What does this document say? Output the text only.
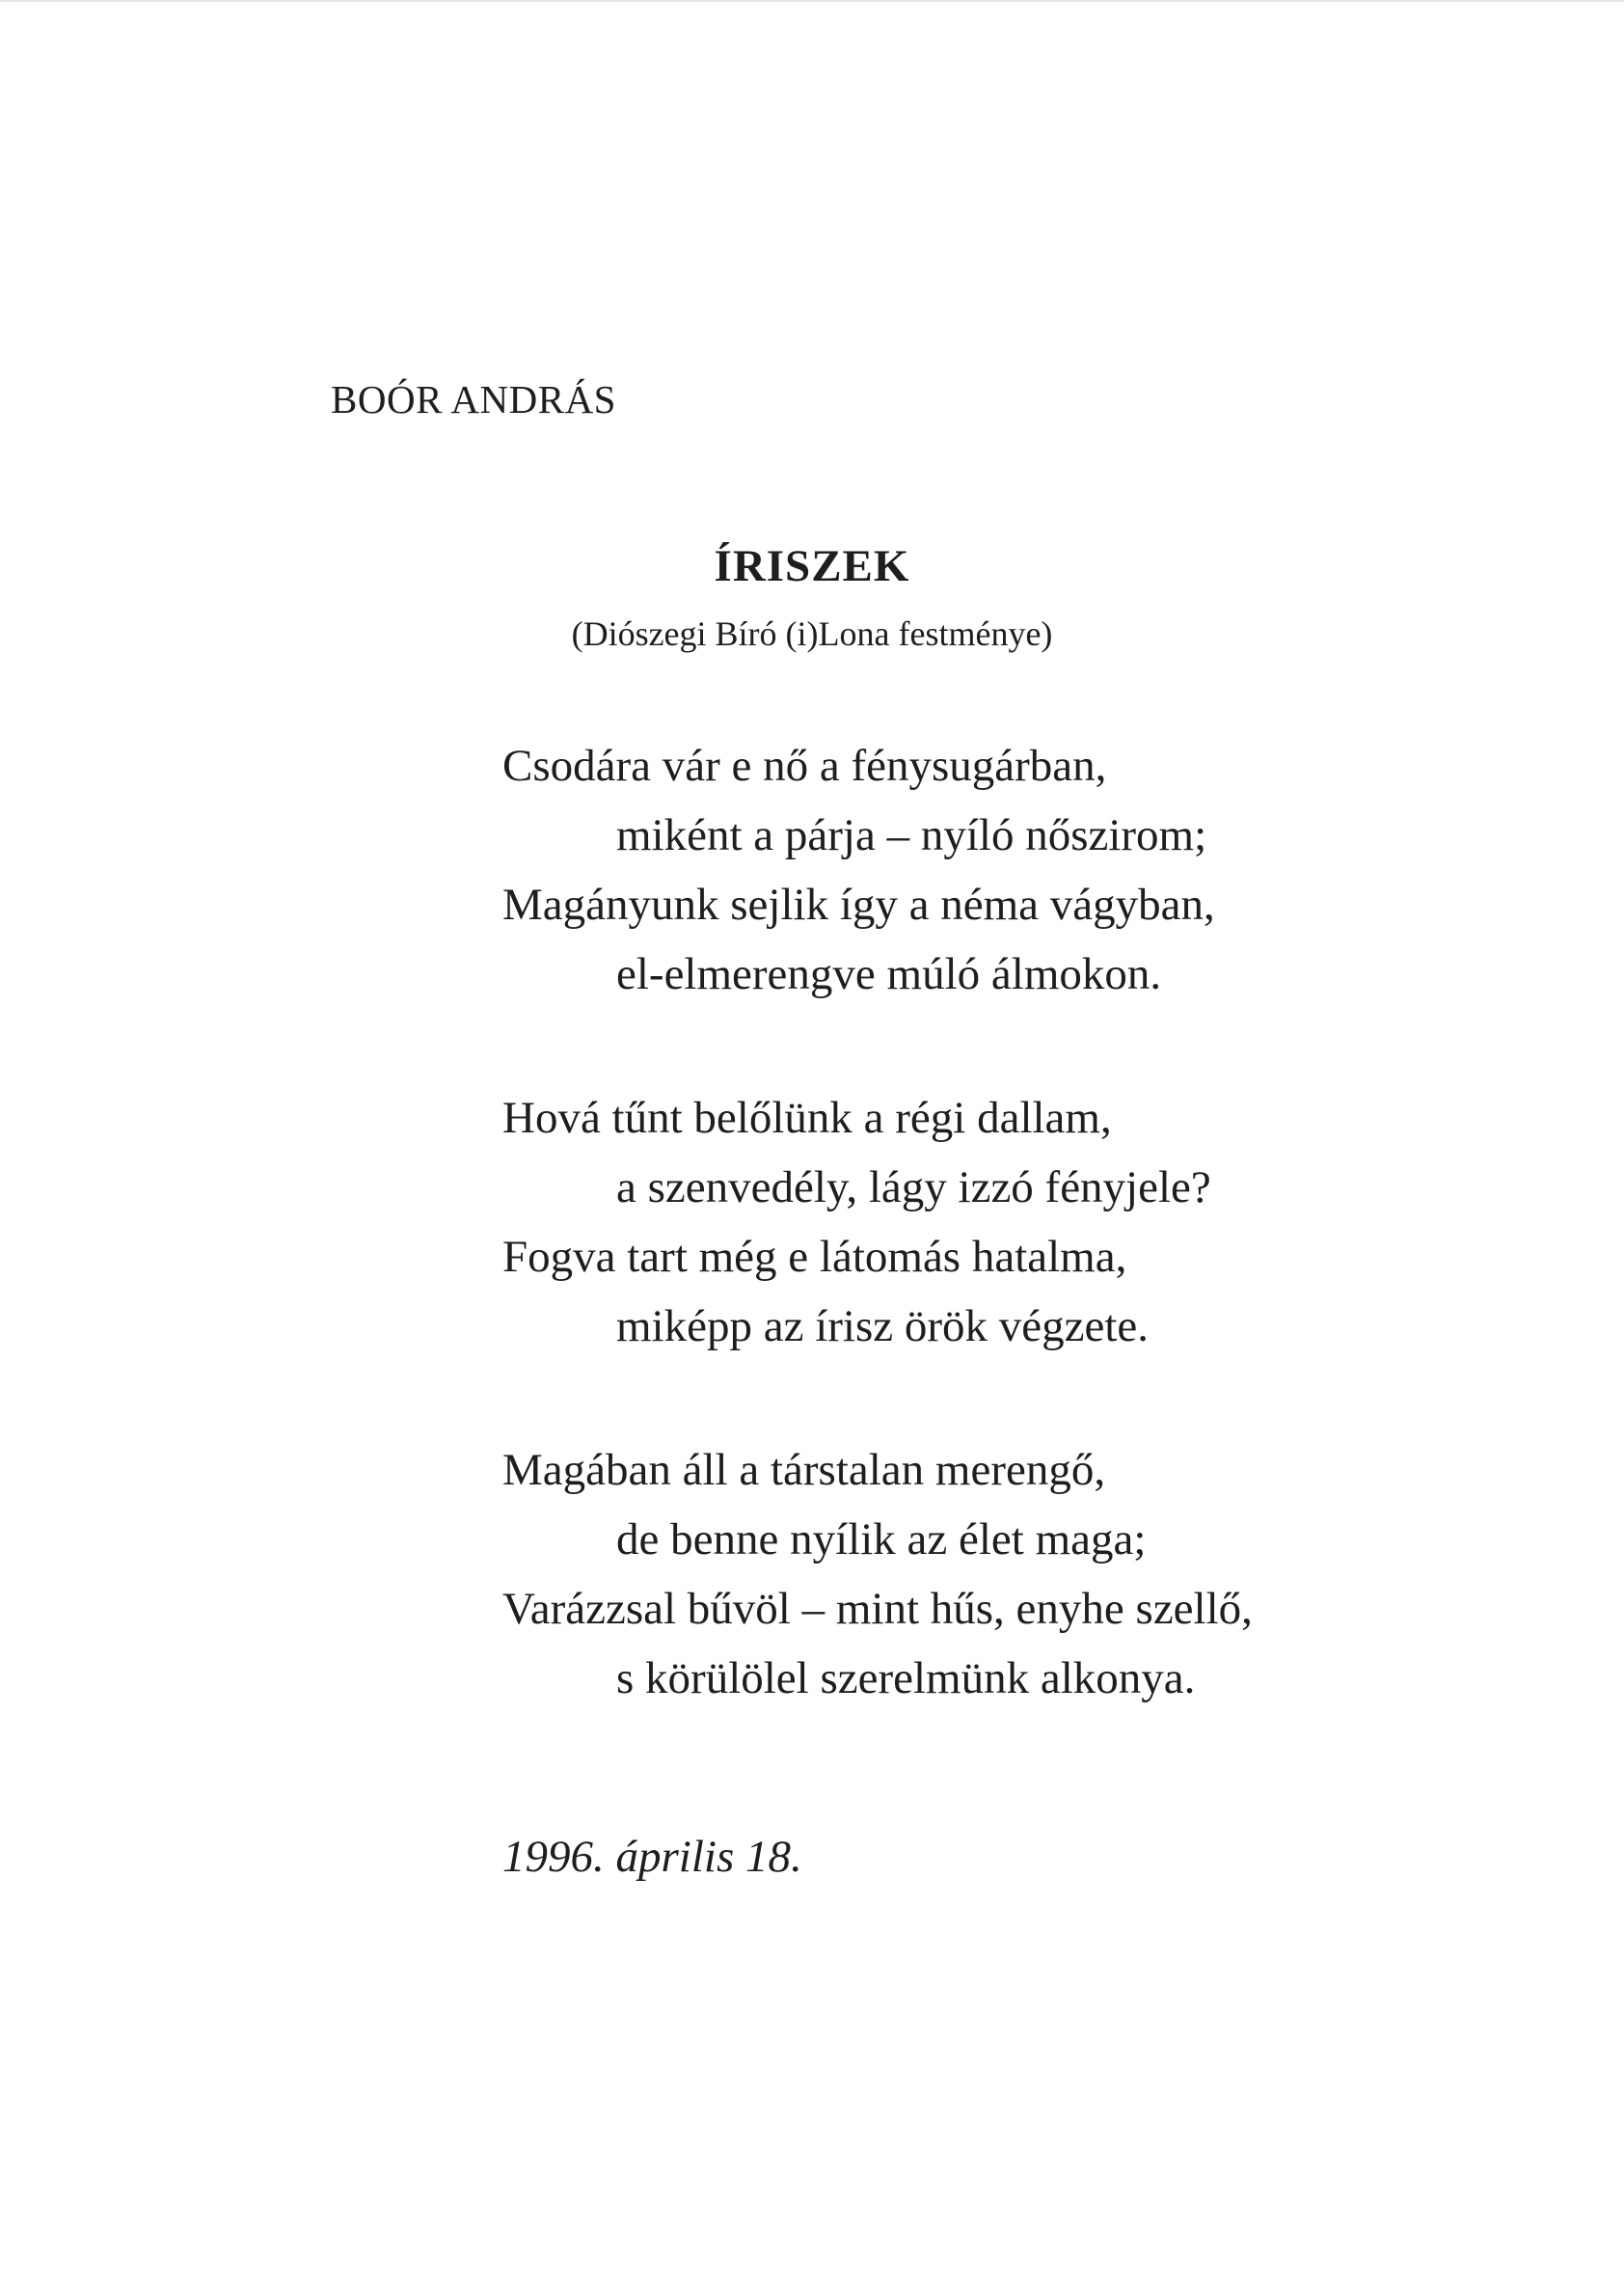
BOÓR ANDRÁS
ÍRISZEK
(Diószegi Bíró (i)Lona festménye)
Csodára vár e nő a fénysugárban,
miként a párja – nyíló nőszirom;
Magányunk sejlik így a néma vágyban,
el-elmerengve múló álmokon.
Hová tűnt belőlünk a régi dallam,
a szenvedély, lágy izzó fényjele?
Fogva tart még e látomás hatalma,
miképp az írisz örök végzete.
Magában áll a társtalan merengő,
de benne nyílik az élet maga;
Varázzsal bűvöl – mint hűs, enyhe szellő,
s körülölel szerelmünk alkonya.
1996. április 18.
